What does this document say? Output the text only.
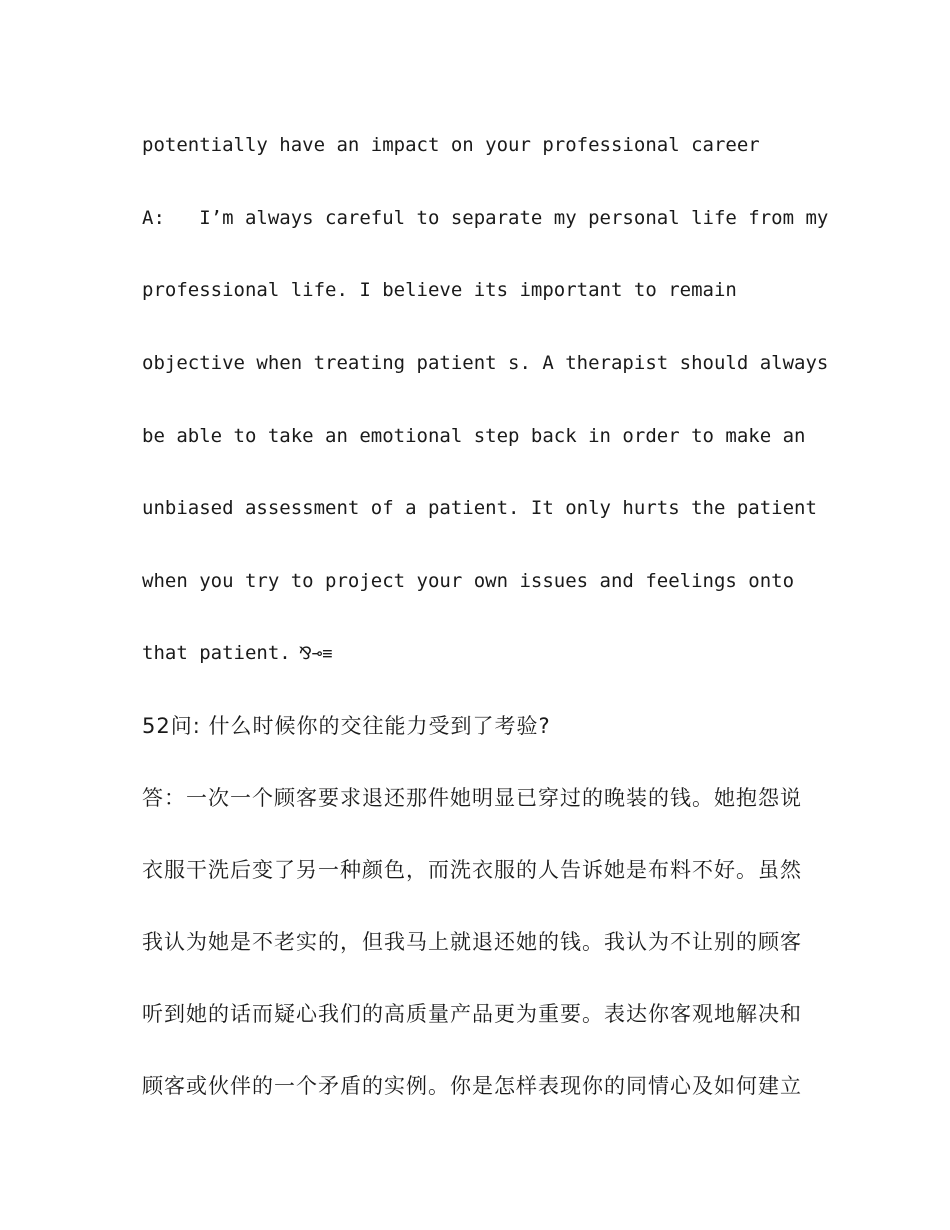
potentially have an impact on your professional career
A:   I’m always careful to separate my personal life from my
professional life. I believe its important to remain
objective when treating patient s. A therapist should always
be able to take an emotional step back in order to make an
unbiased assessment of a patient. It only hurts the patient
when you try to project your own issues and feelings onto
that patient. ⅋⊸≡
52问: 什么时候你的交往能力受到了考验?
答：一次一个顾客要求退还那件她明显已穿过的晚装的钱。她抱怨说
衣服干洗后变了另一种颜色，而洗衣服的人告诉她是布料不好。虽然
我认为她是不老实的，但我马上就退还她的钱。我认为不让别的顾客
听到她的话而疑心我们的高质量产品更为重要。表达你客观地解决和
顾客或伙伴的一个矛盾的实例。你是怎样表现你的同情心及如何建立
